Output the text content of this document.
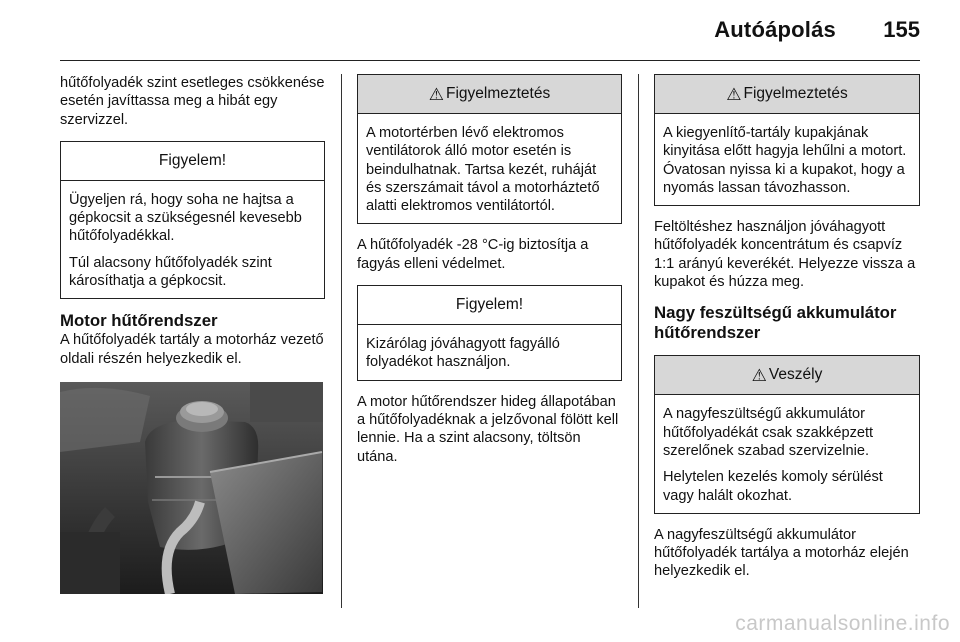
Autóápolás 155

hűtőfolyadék szint esetleges csökkenése esetén javíttassa meg a hibát egy szervizzel.

Figyelem!

Ügyeljen rá, hogy soha ne hajtsa a gépkocsit a szükségesnél kevesebb hűtőfolyadékkal.

Túl alacsony hűtőfolyadék szint károsíthatja a gépkocsit.

Motor hűtőrendszer

A hűtőfolyadék tartály a motorház vezető oldali részén helyezkedik el.

⚠ Figyelmeztetés

A motortérben lévő elektromos ventilátorok álló motor esetén is beindulhatnak. Tartsa kezét, ruháját és szerszámait távol a motorháztető alatti elektromos ventilátortól.

A hűtőfolyadék -28 °C-ig biztosítja a fagyás elleni védelmet.

Figyelem!

Kizárólag jóváhagyott fagyálló folyadékot használjon.

A motor hűtőrendszer hideg állapotában a hűtőfolyadéknak a jelzővonal fölött kell lennie. Ha a szint alacsony, töltsön utána.

⚠ Figyelmeztetés

A kiegyenlítő-tartály kupakjának kinyitása előtt hagyja lehűlni a motort. Óvatosan nyissa ki a kupakot, hogy a nyomás lassan távozhasson.

Feltöltéshez használjon jóváhagyott hűtőfolyadék koncentrátum és csapvíz 1:1 arányú keverékét. Helyezze vissza a kupakot és húzza meg.

Nagy feszültségű akkumulátor hűtőrendszer
⚠ Veszély

A nagyfeszültségű akkumulátor hűtőfolyadékát csak szakképzett szerelőnek szabad szervizelnie.

Helytelen kezelés komoly sérülést vagy halált okozhat.

A nagyfeszültségű akkumulátor hűtőfolyadék tartálya a motorház elején helyezkedik el.

carmanualsonline.info
